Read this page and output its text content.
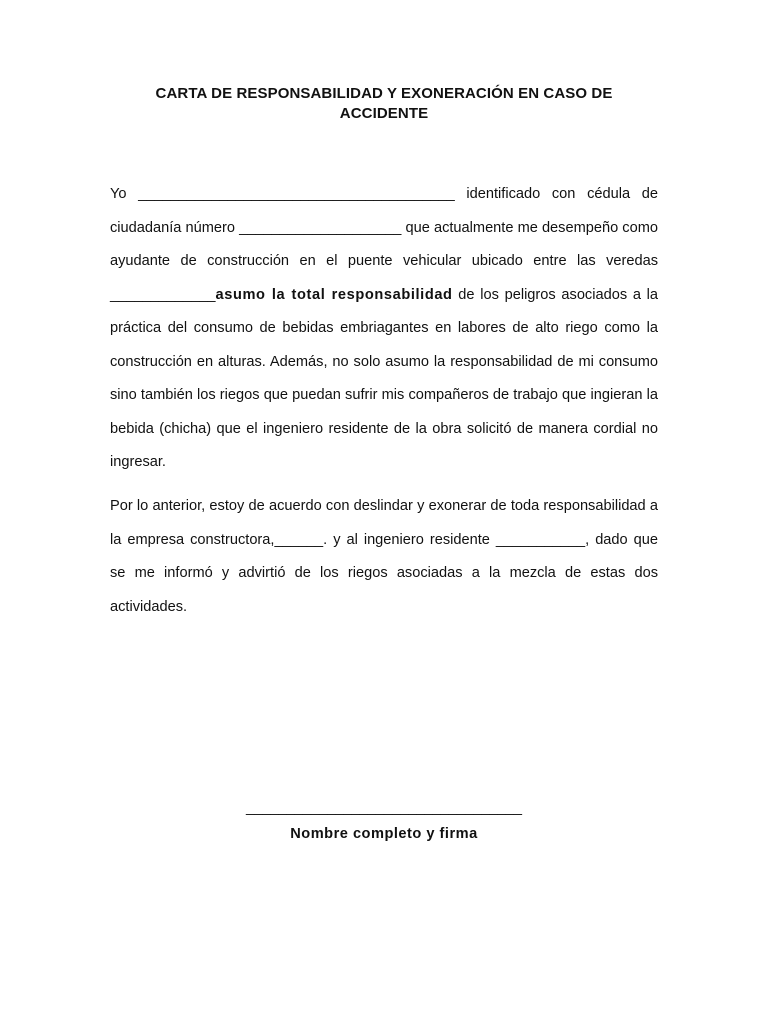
CARTA DE RESPONSABILIDAD Y EXONERACIÓN EN CASO DE ACCIDENTE
Yo _______________________________________ identificado con cédula de ciudadanía número ____________________ que actualmente me desempeño como ayudante de construcción en el puente vehicular ubicado entre las veredas _____________asumo la total responsabilidad de los peligros asociados a la práctica del consumo de bebidas embriagantes en labores de alto riego como la construcción en alturas. Además, no solo asumo la responsabilidad de mi consumo sino también los riegos que puedan sufrir mis compañeros de trabajo que ingieran la bebida (chicha) que el ingeniero residente de la obra solicitó de manera cordial no ingresar.
Por lo anterior, estoy de acuerdo con deslindar y exonerar de toda responsabilidad a la empresa constructora,______. y al ingeniero residente ___________, dado que se me informó y advirtió de los riegos asociadas a la mezcla de estas dos actividades.
__________________________________
Nombre completo y firma
